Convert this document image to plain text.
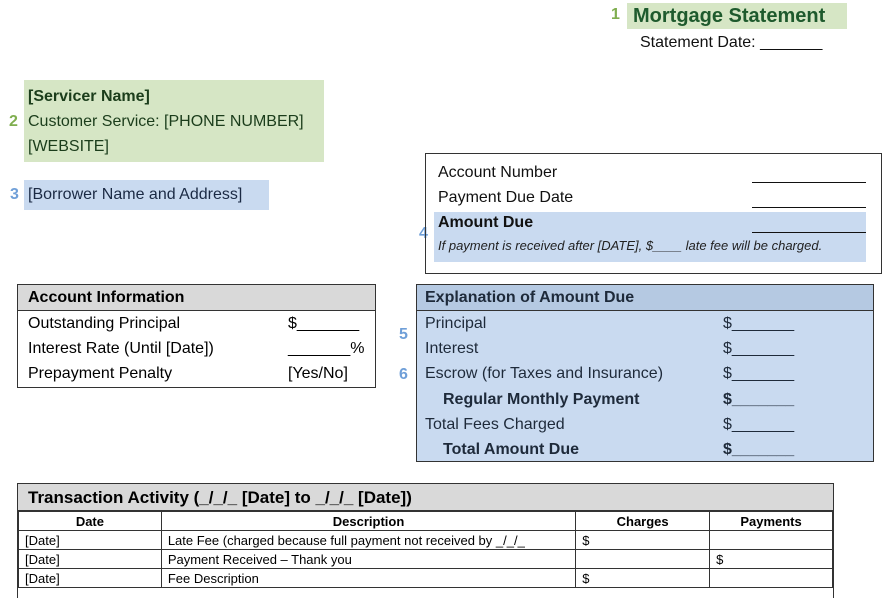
1 Mortgage Statement
Statement Date: _______
2
[Servicer Name]
Customer Service: [PHONE NUMBER]
[WEBSITE]
3 [Borrower Name and Address]
4
Account Number
Payment Due Date
Amount Due
If payment is received after [DATE], $____ late fee will be charged.
Account Information
Outstanding Principal	$_______
Interest Rate (Until [Date])	_______%
Prepayment Penalty	[Yes/No]
5
6
Explanation of Amount Due
Principal	$_______
Interest	$_______
Escrow (for Taxes and Insurance)	$_______
Regular Monthly Payment	$_______
Total Fees Charged	$_______
Total Amount Due	$_______
Transaction Activity (_/_/_ [Date] to _/_/_ [Date])
Date	Description	Charges	Payments
[Date]	Late Fee (charged because full payment not received by _/_/_	$	
[Date]	Payment Received – Thank you		$
[Date]	Fee Description	$	
